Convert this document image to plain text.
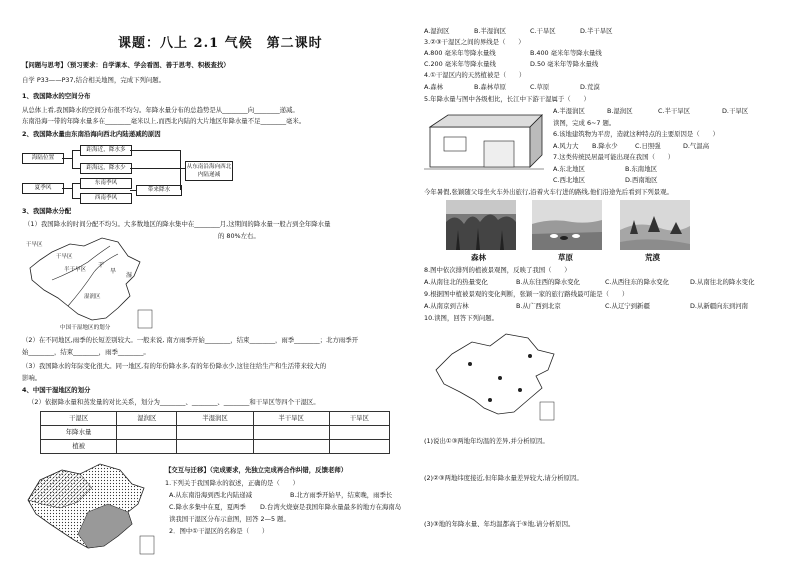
课题：八上 2.1 气候　第二课时
【问题与思考】（预习要求：自学课本、学会看图、善于思考、积极查找）
自学 P33——P37,结合相关地图，完成下列问题。
1、我国降水的空间分布
从总体上看,我国降水的空间分布很不均匀。年降水量分布的总趋势是从________向________递减。
东南沿海一带的年降水量多在________毫米以上,而西北内陆的大片地区年降水量不足________毫米。
2、我国降水量由东南沿海向西北内陆递减的原因
海陆位置
夏季风
距海近，降水多
距海远，降水少
东南季风
西南季风
带来降水
从东南沿海向西北内陆递减
3、我国降水分配
（1）我国降水的时间分配不均匀。大多数地区的降水集中在________月,这期间的降水量一般占到全年降水量
的 80%左右。
干旱区
干旱区
半干旱区
干
旱
湿
湿润区
中国干湿地区的划分
（2）在不同地区,雨季的长短差别较大。一般来说, 南方雨季开始________，结束________，雨季________；北方雨季开
始________，结束________，雨季________。
（3）我国降水的年际变化很大。同一地区,有的年份降水多,有的年份降水少,这往往给生产和生活带来较大的
影响。
4、中国干湿地区的划分
（2）依据降水量和蒸发量的对比关系，划分为________、________、________和干旱区等四个干湿区。
干湿区	湿润区	半湿润区	半干旱区	干旱区
年降水量				
植被				
【交互与迁移】（完成要求，先独立完成再合作纠错，反馈老师）
1.下列关于我国降水的叙述，正确的是（　　）
A.从东南沿海到西北内陆递减	B.北方雨季开始早，结束晚，雨季长
C.降水多集中在夏，夏两季 D.台湾火烧寮是我国年降水量最多的地方在海南岛
读我国干湿区分布示意图，回答 2—5 题。
2．图中①干湿区的名称是（　　）
A.湿润区	B.半湿润区	C.干旱区	D.半干旱区
3.②③干湿区之间的界线是（　　）
A.800 毫米年等降水量线	B.400 毫米年等降水量线
C.200 毫米年等降水量线	D.50 毫米年等降水量线
4.①干湿区内的天然植被是（　　）
A.森林	B.森林草原	C.草原	D.荒漠
5.年降水量与图中各级相比，长江中下游干湿属于（　　）
A.半湿润区	B.湿润区	C.半干旱区	D.干旱区
读图，完成 6~7 题。
6.该地建筑物为平房，造就这种特点的主要原因是（　　）
A.风力大 B.降水少	C.日照强	D.气温高
7.这类传统民居最可能出现在我国（　　）
A.东北地区	B.东南地区
C.西北地区	D.西南地区
今年暑假,张颖随父母坐火车外出旅行,沿着火车行进的路线,他们沿途先后看到下列景观。
森林	草原	荒漠
8.图中依次排列的植被景观图，反映了我国（　　）
A.从南往北的热量变化	B.从东往西的降水变化	C.从西往东的降水变化	D.从南往北的降水变化
9.根据图中植被景观的变化判断，张颖一家的旅行路线最可能是（　　）
A.从南京到吉林	B.从广西到北京	C.从辽宁到新疆	D.从新疆向东到河南
10.读图，回答下列问题。
(1)说出①③两地年均温的差异,并分析原因。
(2)②③两地纬度接近,但年降水量差异较大,请分析原因。
(3)③地的年降水量、年均温都高于⑤地,请分析原因。
